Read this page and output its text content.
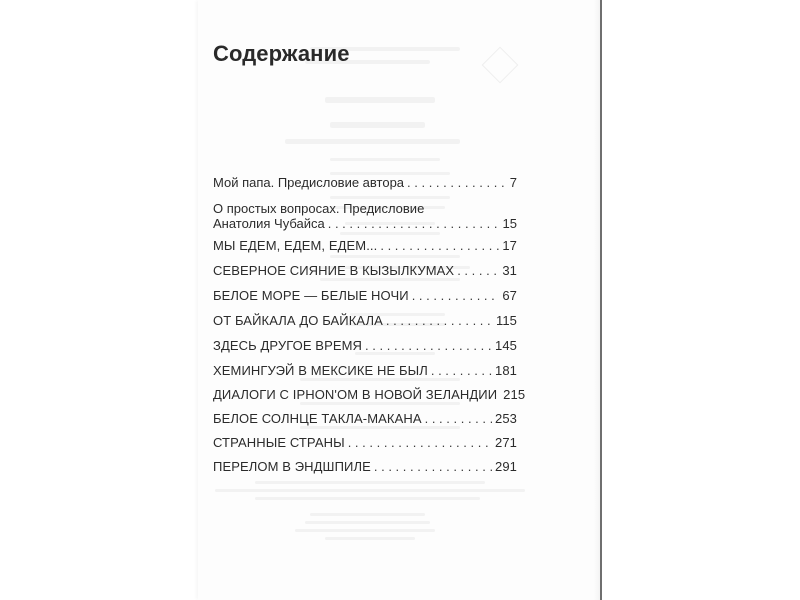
Содержание
Мой папа. Предисловие автора . . .	7
О простых вопросах. Предисловие
Анатолия Чубайса . . .	15
МЫ ЕДЕМ, ЕДЕМ, ЕДЕМ... . . .	17
СЕВЕРНОЕ СИЯНИЕ В КЫЗЫЛКУМАХ . . .	31
БЕЛОЕ МОРЕ — БЕЛЫЕ НОЧИ . . .	67
ОТ БАЙКАЛА ДО БАЙКАЛА . . .	115
ЗДЕСЬ ДРУГОЕ ВРЕМЯ . . .	145
ХЕМИНГУЭЙ В МЕКСИКЕ НЕ БЫЛ . . .	181
ДИАЛОГИ С IPHON'OM В НОВОЙ ЗЕЛАНДИИ 215
БЕЛОЕ СОЛНЦЕ ТАКЛА-МАКАНА . . .	253
СТРАННЫЕ СТРАНЫ . . .	271
ПЕРЕЛОМ В ЭНДШПИЛЕ . . .	291
